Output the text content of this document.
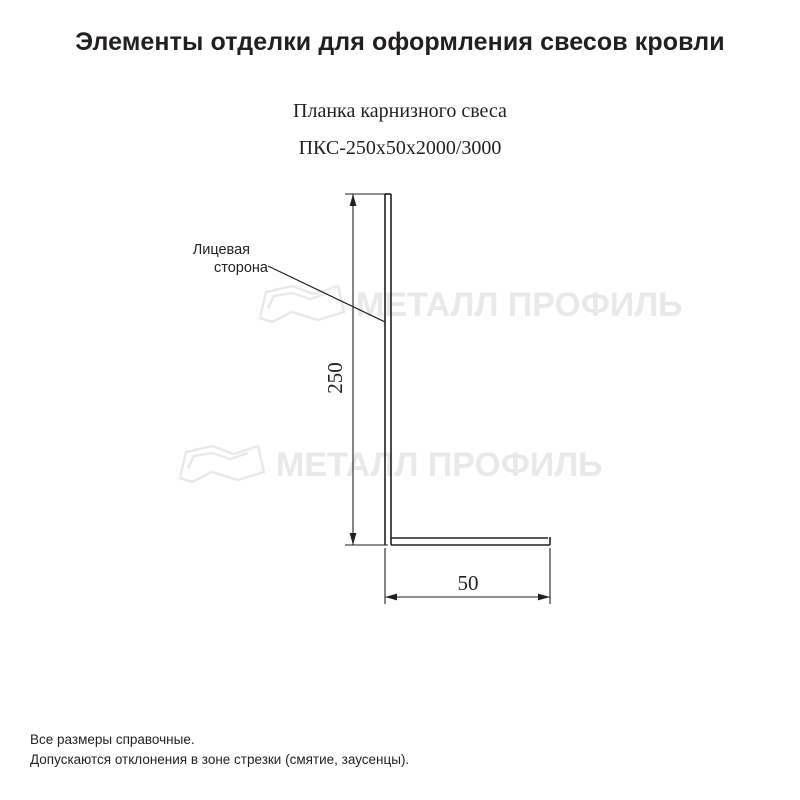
Элементы отделки для оформления свесов кровли
Планка карнизного свеса
ПКС-250x50x2000/3000
МЕТАЛЛ ПРОФИЛЬ
МЕТАЛЛ ПРОФИЛЬ
Лицевая
сторона
250
50
Все размеры справочные.
Допускаются отклонения в зоне стрезки (смятие, заусенцы).
